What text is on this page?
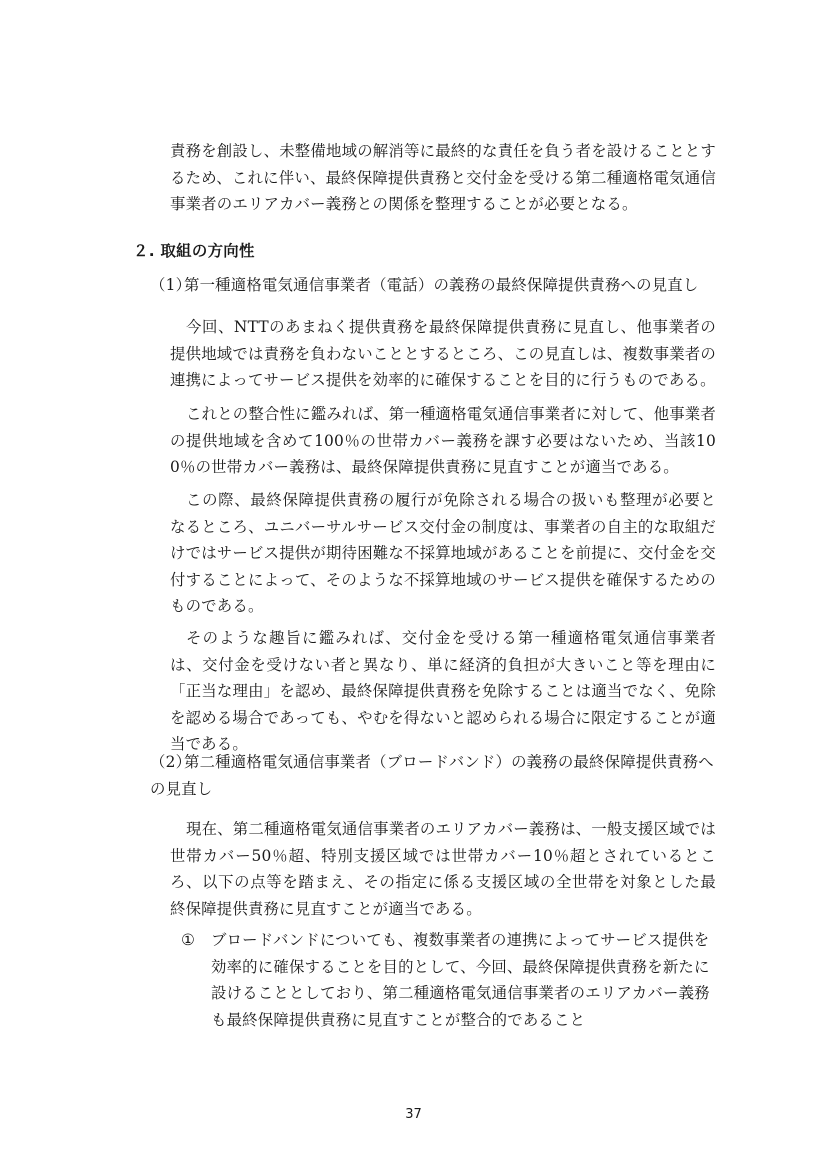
責務を創設し、未整備地域の解消等に最終的な責任を負う者を設けることとするため、これに伴い、最終保障提供責務と交付金を受ける第二種適格電気通信事業者のエリアカバー義務との関係を整理することが必要となる。

２. 取組の方向性

（1）第一種適格電気通信事業者（電話）の義務の最終保障提供責務への見直し

今回、NTTのあまねく提供責務を最終保障提供責務に見直し、他事業者の提供地域では責務を負わないこととするところ、この見直しは、複数事業者の連携によってサービス提供を効率的に確保することを目的に行うものである。

これとの整合性に鑑みれば、第一種適格電気通信事業者に対して、他事業者の提供地域を含めて100％の世帯カバー義務を課す必要はないため、当該100％の世帯カバー義務は、最終保障提供責務に見直すことが適当である。

この際、最終保障提供責務の履行が免除される場合の扱いも整理が必要となるところ、ユニバーサルサービス交付金の制度は、事業者の自主的な取組だけではサービス提供が期待困難な不採算地域があることを前提に、交付金を交付することによって、そのような不採算地域のサービス提供を確保するためのものである。

そのような趣旨に鑑みれば、交付金を受ける第一種適格電気通信事業者は、交付金を受けない者と異なり、単に経済的負担が大きいこと等を理由に「正当な理由」を認め、最終保障提供責務を免除することは適当でなく、免除を認める場合であっても、やむを得ないと認められる場合に限定することが適当である。

（2）第二種適格電気通信事業者（ブロードバンド）の義務の最終保障提供責務への見直し

現在、第二種適格電気通信事業者のエリアカバー義務は、一般支援区域では世帯カバー50％超、特別支援区域では世帯カバー10％超とされているところ、以下の点等を踏まえ、その指定に係る支援区域の全世帯を対象とした最終保障提供責務に見直すことが適当である。

①	ブロードバンドについても、複数事業者の連携によってサービス提供を効率的に確保することを目的として、今回、最終保障提供責務を新たに設けることとしており、第二種適格電気通信事業者のエリアカバー義務も最終保障提供責務に見直すことが整合的であること
37
